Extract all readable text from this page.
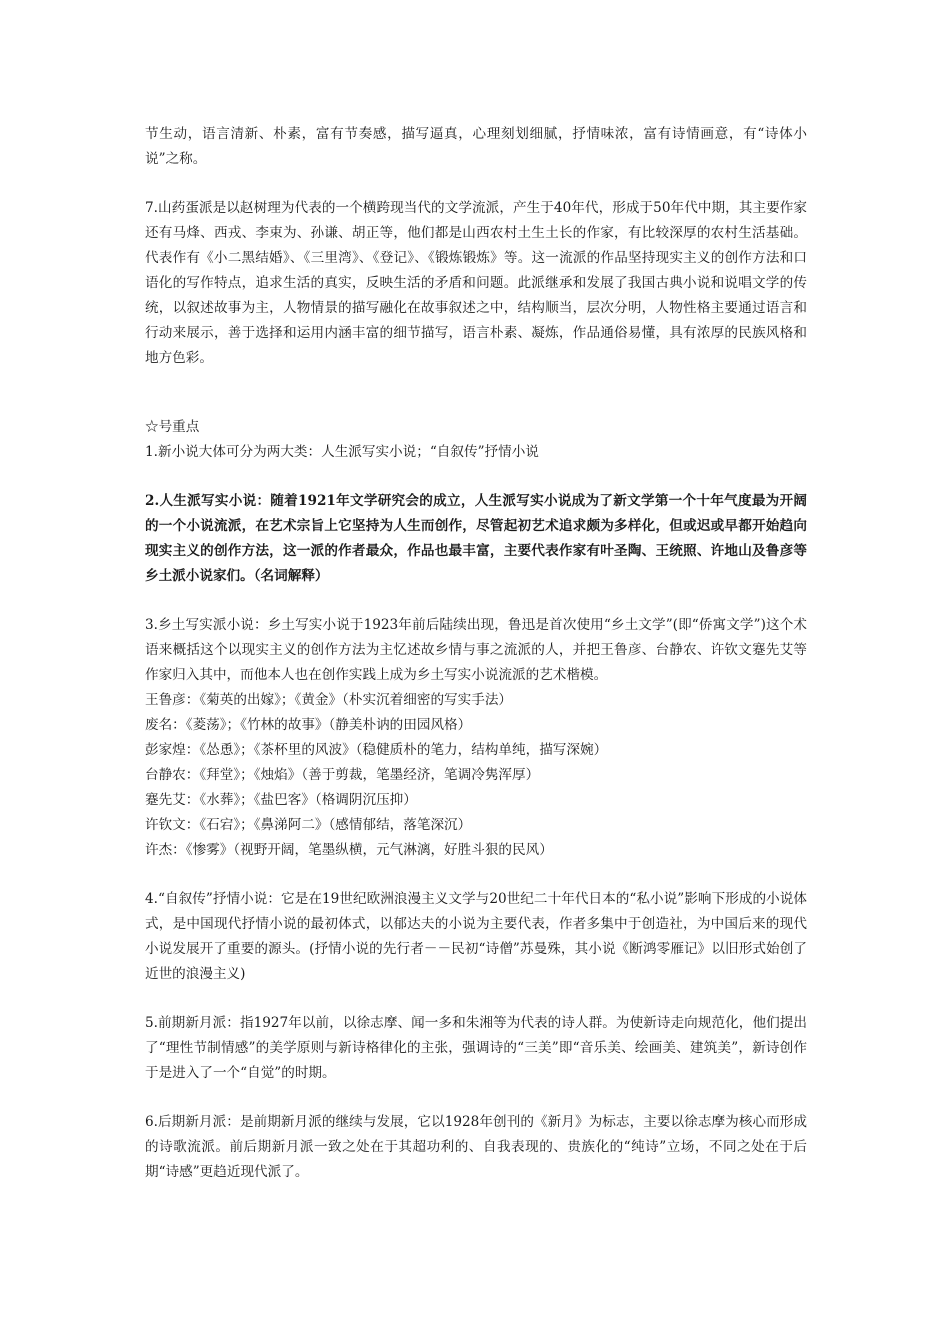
节生动，语言清新、朴素，富有节奏感，描写逼真，心理刻划细腻，抒情味浓，富有诗情画意，有“诗体小说”之称。

7.山药蛋派是以赵树理为代表的一个横跨现当代的文学流派，产生于40年代，形成于50年代中期，其主要作家还有马烽、西戎、李束为、孙谦、胡正等，他们都是山西农村土生土长的作家，有比较深厚的农村生活基础。代表作有《小二黑结婚》、《三里湾》、《登记》、《锻炼锻炼》等。这一流派的作品坚持现实主义的创作方法和口语化的写作特点，追求生活的真实，反映生活的矛盾和问题。此派继承和发展了我国古典小说和说唱文学的传统，以叙述故事为主，人物情景的描写融化在故事叙述之中，结构顺当，层次分明，人物性格主要通过语言和行动来展示，善于选择和运用内涵丰富的细节描写，语言朴素、凝炼，作品通俗易懂，具有浓厚的民族风格和地方色彩。

☆号重点

1.新小说大体可分为两大类：人生派写实小说；“自叙传”抒情小说

2.人生派写实小说：随着1921年文学研究会的成立，人生派写实小说成为了新文学第一个十年气度最为开阔的一个小说流派，在艺术宗旨上它坚持为人生而创作，尽管起初艺术追求颇为多样化，但或迟或早都开始趋向现实主义的创作方法，这一派的作者最众，作品也最丰富，主要代表作家有叶圣陶、王统照、许地山及鲁彦等乡土派小说家们。（名词解释）

3.乡土写实派小说：乡土写实小说于1923年前后陆续出现，鲁迅是首次使用“乡土文学”(即“侨寓文学”)这个术语来概括这个以现实主义的创作方法为主忆述故乡情与事之流派的人，并把王鲁彦、台静农、许钦文蹇先艾等作家归入其中，而他本人也在创作实践上成为乡土写实小说流派的艺术楷模。

王鲁彦：《菊英的出嫁》；《黄金》（朴实沉着细密的写实手法）

废名：《菱荡》；《竹林的故事》（静美朴讷的田园风格）

彭家煌：《怂恿》；《茶杯里的风波》（稳健质朴的笔力，结构单纯，描写深婉）

台静农：《拜堂》；《烛焰》（善于剪裁，笔墨经济，笔调冷隽浑厚）

蹇先艾：《水葬》；《盐巴客》（格调阴沉压抑）

许钦文：《石宕》；《鼻涕阿二》（感情郁结，落笔深沉）

许杰：《惨雾》（视野开阔，笔墨纵横，元气淋漓，好胜斗狠的民风）

4.“自叙传”抒情小说：它是在19世纪欧洲浪漫主义文学与20世纪二十年代日本的“私小说”影响下形成的小说体式，是中国现代抒情小说的最初体式，以郁达夫的小说为主要代表，作者多集中于创造社，为中国后来的现代小说发展开了重要的源头。(抒情小说的先行者－－民初“诗僧”苏曼殊，其小说《断鸿零雁记》以旧形式始创了近世的浪漫主义)

5.前期新月派：指1927年以前，以徐志摩、闻一多和朱湘等为代表的诗人群。为使新诗走向规范化，他们提出了“理性节制情感”的美学原则与新诗格律化的主张，强调诗的“三美”即“音乐美、绘画美、建筑美”，新诗创作于是进入了一个“自觉”的时期。

6.后期新月派：是前期新月派的继续与发展，它以1928年创刊的《新月》为标志，主要以徐志摩为核心而形成的诗歌流派。前后期新月派一致之处在于其超功利的、自我表现的、贵族化的“纯诗”立场，不同之处在于后期“诗感”更趋近现代派了。
